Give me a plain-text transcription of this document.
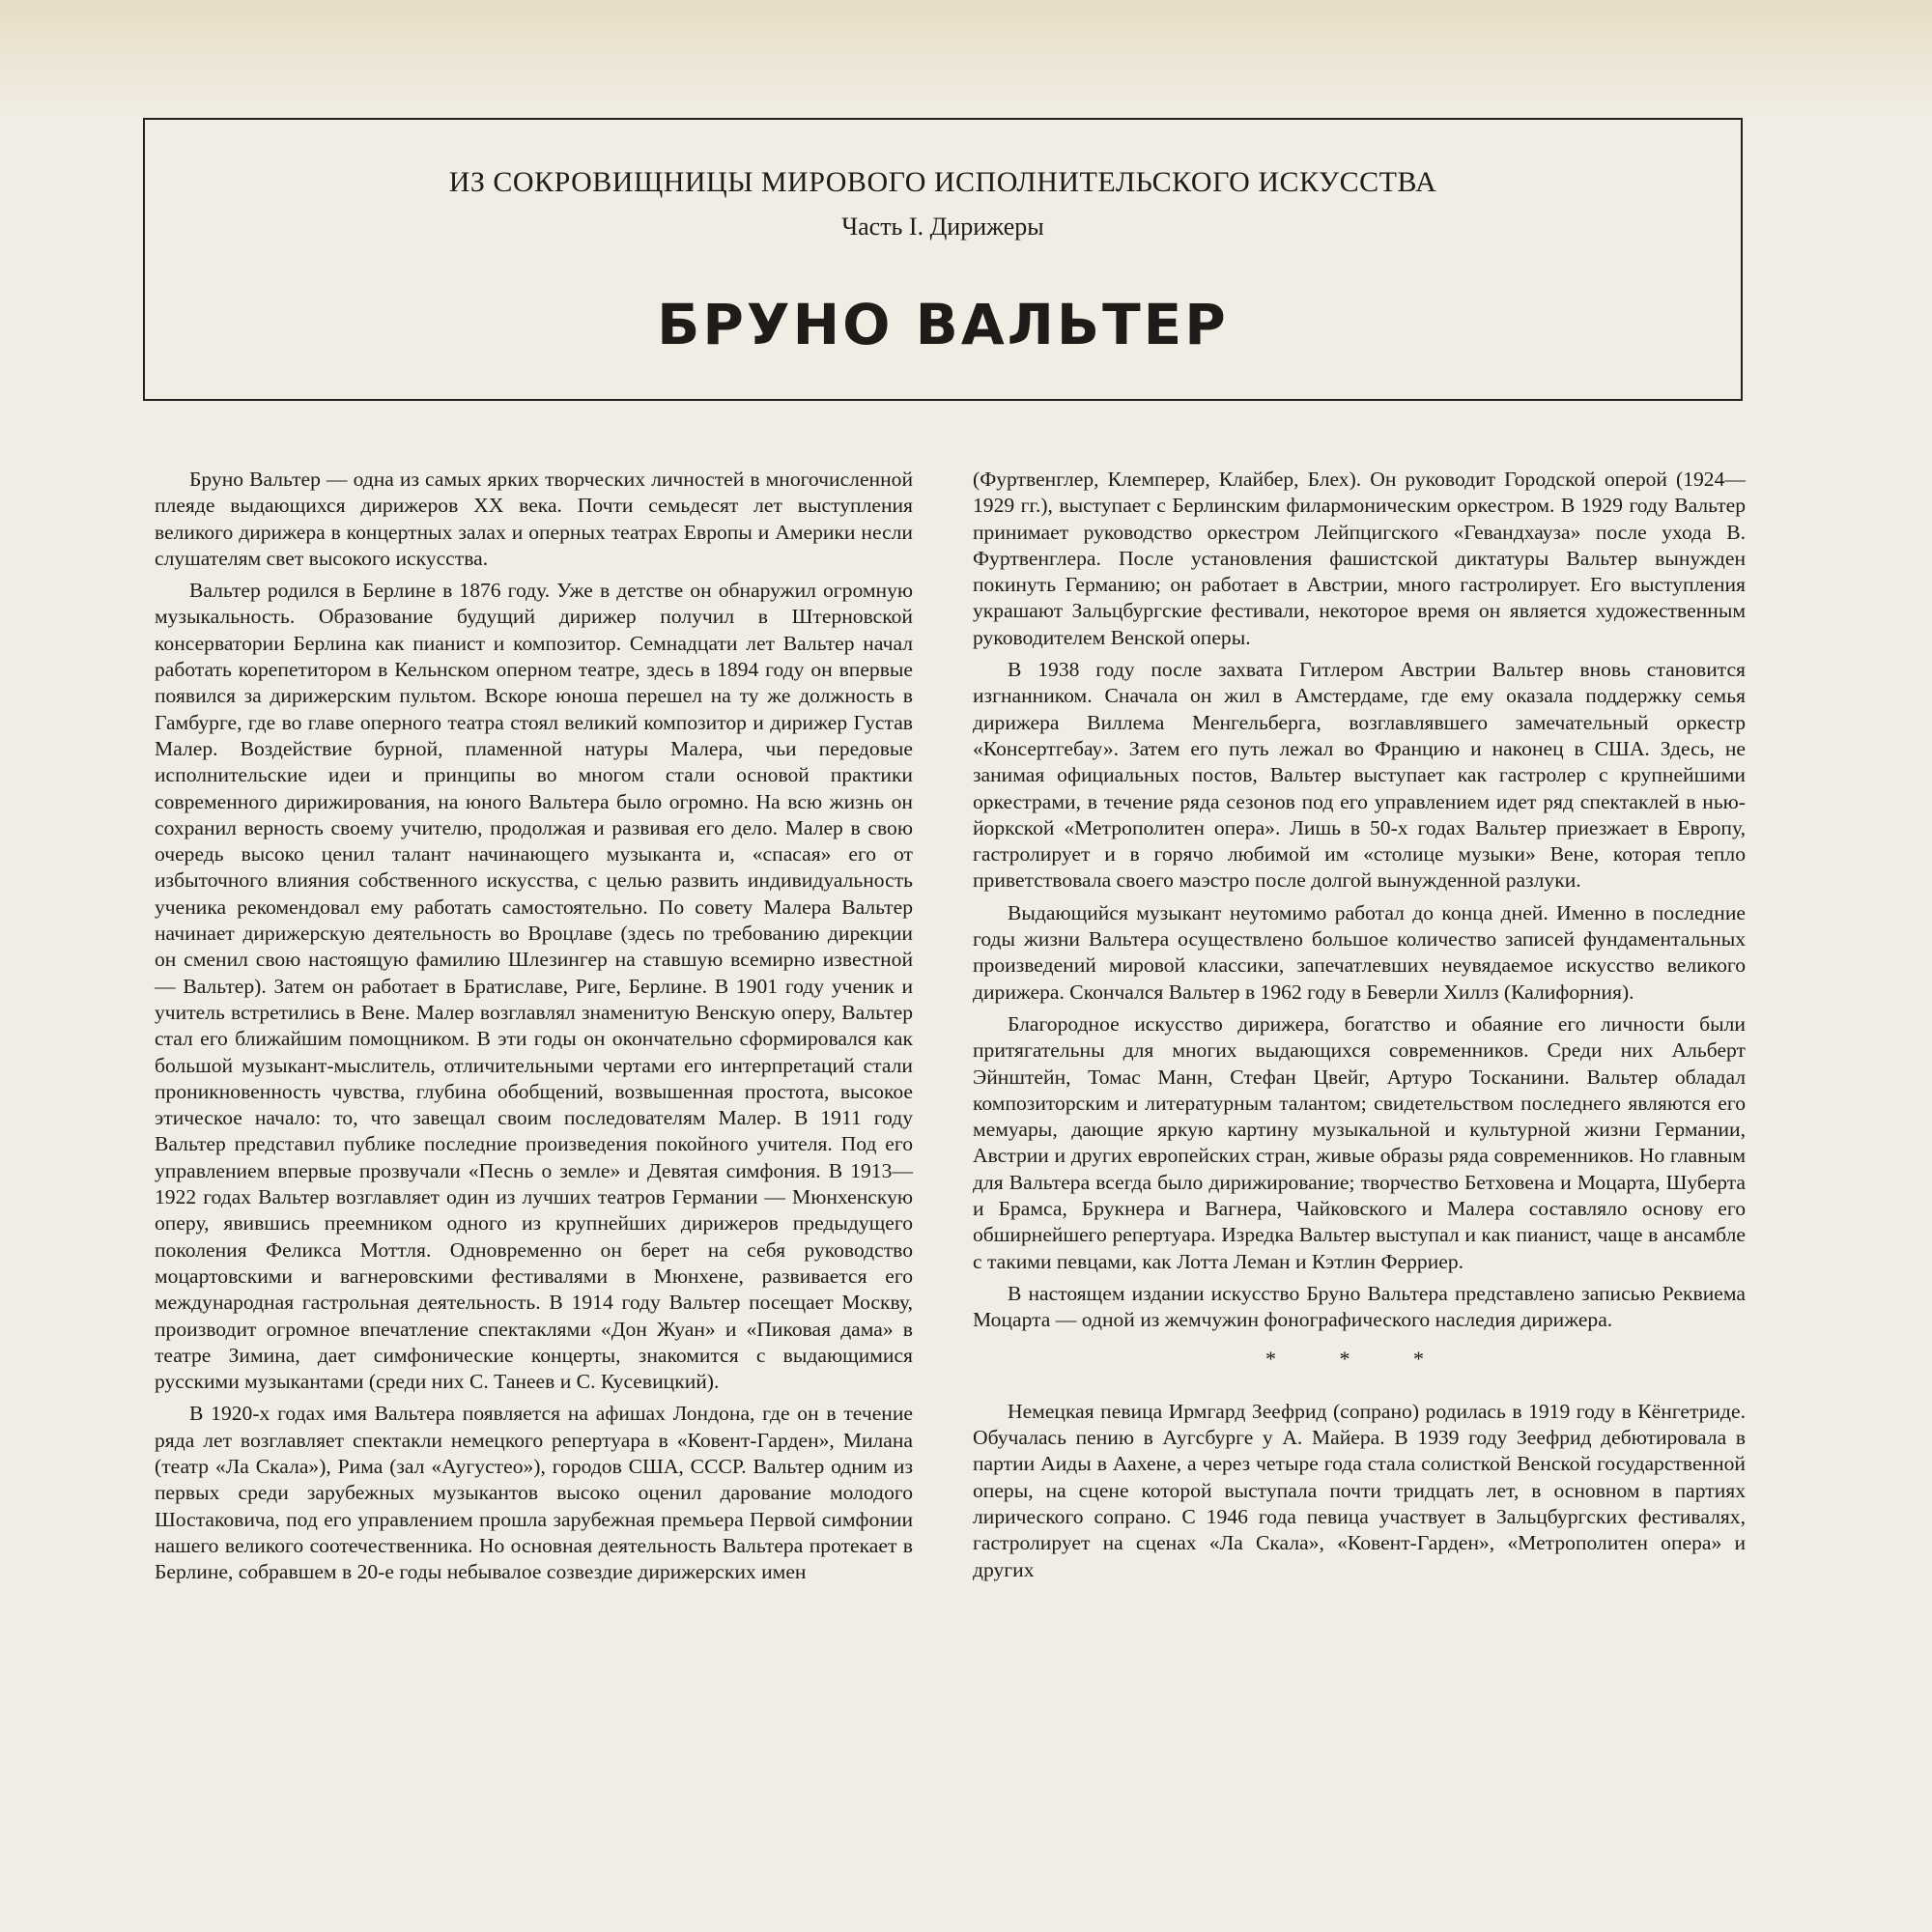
ИЗ СОКРОВИЩНИЦЫ МИРОВОГО ИСПОЛНИТЕЛЬСКОГО ИСКУССТВА
Часть I. Дирижеры
БРУНО ВАЛЬТЕР

Бруно Вальтер — одна из самых ярких творческих личностей в многочисленной плеяде выдающихся дирижеров XX века. Почти семьдесят лет выступления великого дирижера в концертных залах и оперных театрах Европы и Америки несли слушателям свет высокого искусства.

Вальтер родился в Берлине в 1876 году. Уже в детстве он обнаружил огромную музыкальность. Образование будущий дирижер получил в Штерновской консерватории Берлина как пианист и композитор. Семнадцати лет Вальтер начал работать корепетитором в Кельнском оперном театре, здесь в 1894 году он впервые появился за дирижерским пультом. Вскоре юноша перешел на ту же должность в Гамбурге, где во главе оперного театра стоял великий композитор и дирижер Густав Малер. Воздействие бурной, пламенной натуры Малера, чьи передовые исполнительские идеи и принципы во многом стали основой практики современного дирижирования, на юного Вальтера было огромно. На всю жизнь он сохранил верность своему учителю, продолжая и развивая его дело. Малер в свою очередь высоко ценил талант начинающего музыканта и, «спасая» его от избыточного влияния собственного искусства, с целью развить индивидуальность ученика рекомендовал ему работать самостоятельно. По совету Малера Вальтер начинает дирижерскую деятельность во Вроцлаве (здесь по требованию дирекции он сменил свою настоящую фамилию Шлезингер на ставшую всемирно известной — Вальтер). Затем он работает в Братиславе, Риге, Берлине. В 1901 году ученик и учитель встретились в Вене. Малер возглавлял знаменитую Венскую оперу, Вальтер стал его ближайшим помощником. В эти годы он окончательно сформировался как большой музыкант-мыслитель, отличительными чертами его интерпретаций стали проникновенность чувства, глубина обобщений, возвышенная простота, высокое этическое начало: то, что завещал своим последователям Малер. В 1911 году Вальтер представил публике последние произведения покойного учителя. Под его управлением впервые прозвучали «Песнь о земле» и Девятая симфония. В 1913—1922 годах Вальтер возглавляет один из лучших театров Германии — Мюнхенскую оперу, явившись преемником одного из крупнейших дирижеров предыдущего поколения Феликса Моттля. Одновременно он берет на себя руководство моцартовскими и вагнеровскими фестивалями в Мюнхене, развивается его международная гастрольная деятельность. В 1914 году Вальтер посещает Москву, производит огромное впечатление спектаклями «Дон Жуан» и «Пиковая дама» в театре Зимина, дает симфонические концерты, знакомится с выдающимися русскими музыкантами (среди них С. Танеев и С. Кусевицкий).

В 1920-х годах имя Вальтера появляется на афишах Лондона, где он в течение ряда лет возглавляет спектакли немецкого репертуара в «Ковент-Гарден», Милана (театр «Ла Скала»), Рима (зал «Аугустео»), городов США, СССР. Вальтер одним из первых среди зарубежных музыкантов высоко оценил дарование молодого Шостаковича, под его управлением прошла зарубежная премьера Первой симфонии нашего великого соотечественника. Но основная деятельность Вальтера протекает в Берлине, собравшем в 20-е годы небывалое созвездие дирижерских имен

(Фуртвенглер, Клемперер, Клайбер, Блех). Он руководит Городской оперой (1924—1929 гг.), выступает с Берлинским филармоническим оркестром. В 1929 году Вальтер принимает руководство оркестром Лейпцигского «Гевандхауза» после ухода В. Фуртвенглера. После установления фашистской диктатуры Вальтер вынужден покинуть Германию; он работает в Австрии, много гастролирует. Его выступления украшают Зальцбургские фестивали, некоторое время он является художественным руководителем Венской оперы.

В 1938 году после захвата Гитлером Австрии Вальтер вновь становится изгнанником. Сначала он жил в Амстердаме, где ему оказала поддержку семья дирижера Виллема Менгельберга, возглавлявшего замечательный оркестр «Консертгебау». Затем его путь лежал во Францию и наконец в США. Здесь, не занимая официальных постов, Вальтер выступает как гастролер с крупнейшими оркестрами, в течение ряда сезонов под его управлением идет ряд спектаклей в нью-йоркской «Метрополитен опера». Лишь в 50-х годах Вальтер приезжает в Европу, гастролирует и в горячо любимой им «столице музыки» Вене, которая тепло приветствовала своего маэстро после долгой вынужденной разлуки.

Выдающийся музыкант неутомимо работал до конца дней. Именно в последние годы жизни Вальтера осуществлено большое количество записей фундаментальных произведений мировой классики, запечатлевших неувядаемое искусство великого дирижера. Скончался Вальтер в 1962 году в Беверли Хиллз (Калифорния).

Благородное искусство дирижера, богатство и обаяние его личности были притягательны для многих выдающихся современников. Среди них Альберт Эйнштейн, Томас Манн, Стефан Цвейг, Артуро Тосканини. Вальтер обладал композиторским и литературным талантом; свидетельством последнего являются его мемуары, дающие яркую картину музыкальной и культурной жизни Германии, Австрии и других европейских стран, живые образы ряда современников. Но главным для Вальтера всегда было дирижирование; творчество Бетховена и Моцарта, Шуберта и Брамса, Брукнера и Вагнера, Чайковского и Малера составляло основу его обширнейшего репертуара. Изредка Вальтер выступал и как пианист, чаще в ансамбле с такими певцами, как Лотта Леман и Кэтлин Ферриер.

В настоящем издании искусство Бруно Вальтера представлено записью Реквиема Моцарта — одной из жемчужин фонографического наследия дирижера.

* * *

Немецкая певица Ирмгард Зеефрид (сопрано) родилась в 1919 году в Кёнгетриде. Обучалась пению в Аугсбурге у А. Майера. В 1939 году Зеефрид дебютировала в партии Аиды в Аахене, а через четыре года стала солисткой Венской государственной оперы, на сцене которой выступала почти тридцать лет, в основном в партиях лирического сопрано. С 1946 года певица участвует в Зальцбургских фестивалях, гастролирует на сценах «Ла Скала», «Ковент-Гарден», «Метрополитен опера» и других
